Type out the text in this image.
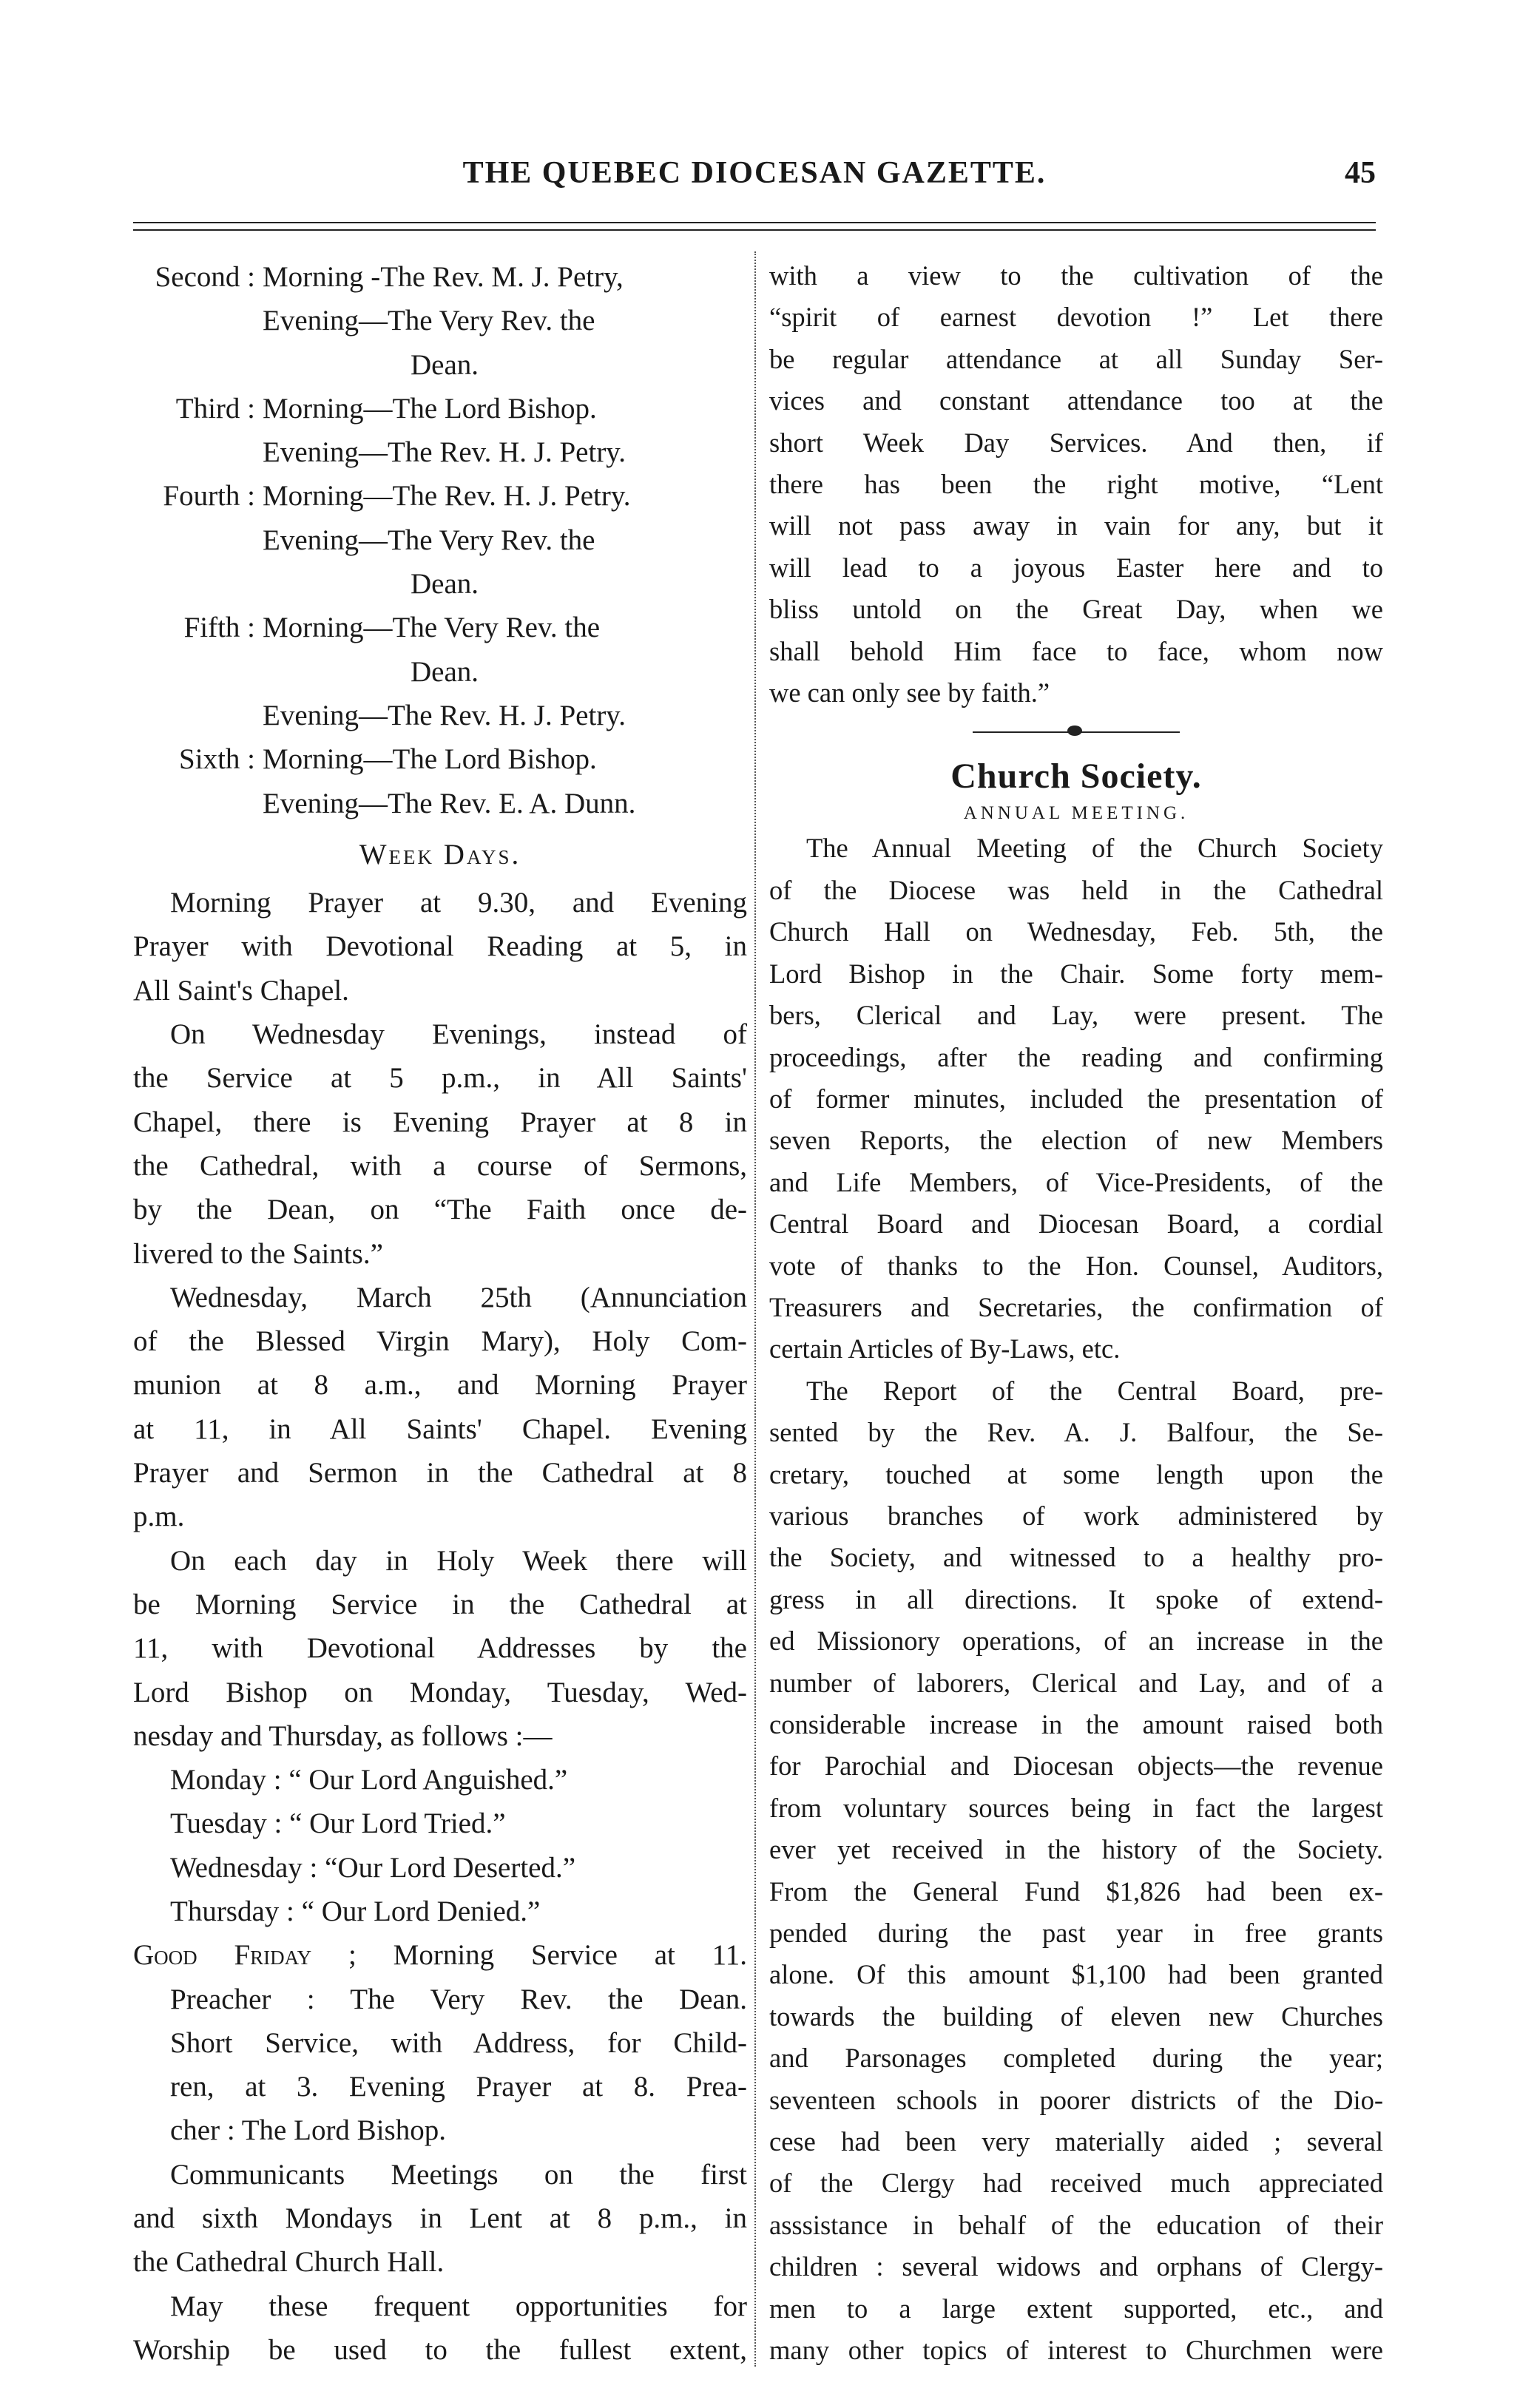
THE QUEBEC DIOCESAN GAZETTE.	45
Second : Morning -The Rev. M. J. Petry,
Evening—The Very Rev. the
Dean.
Third : Morning—The Lord Bishop.
Evening—The Rev. H. J. Petry.
Fourth : Morning—The Rev. H. J. Petry.
Evening—The Very Rev. the
Dean.
Fifth : Morning—The Very Rev. the
Dean.
Evening—The Rev. H. J. Petry.
Sixth : Morning—The Lord Bishop.
Evening—The Rev. E. A. Dunn.
Week Days.
Morning Prayer at 9.30, and Evening
Prayer with Devotional Reading at 5, in
All Saint's Chapel.
On Wednesday Evenings, instead of
the Service at 5 p.m., in All Saints'
Chapel, there is Evening Prayer at 8 in
the Cathedral, with a course of Sermons,
by the Dean, on “The Faith once de-
livered to the Saints.”
Wednesday, March 25th (Annunciation
of the Blessed Virgin Mary), Holy Com-
munion at 8 a.m., and Morning Prayer
at 11, in All Saints' Chapel. Evening
Prayer and Sermon in the Cathedral at 8
p.m.
On each day in Holy Week there will
be Morning Service in the Cathedral at
11, with Devotional Addresses by the
Lord Bishop on Monday, Tuesday, Wed-
nesday and Thursday, as follows :—
Monday : “ Our Lord Anguished.”
Tuesday : “ Our Lord Tried.”
Wednesday : “Our Lord Deserted.”
Thursday : “ Our Lord Denied.”
Good Friday ; Morning Service at 11.
Preacher : The Very Rev. the Dean.
Short Service, with Address, for Child-
ren, at 3. Evening Prayer at 8. Prea-
cher : The Lord Bishop.
Communicants Meetings on the first
and sixth Mondays in Lent at 8 p.m., in
the Cathedral Church Hall.
May these frequent opportunities for
Worship be used to the fullest extent,
with a view to the cultivation of the
“spirit of earnest devotion !” Let there
be regular attendance at all Sunday Ser-
vices and constant attendance too at the
short Week Day Services. And then, if
there has been the right motive, “Lent
will not pass away in vain for any, but it
will lead to a joyous Easter here and to
bliss untold on the Great Day, when we
shall behold Him face to face, whom now
we can only see by faith.”
Church Society.
ANNUAL MEETING.
The Annual Meeting of the Church Society
of the Diocese was held in the Cathedral
Church Hall on Wednesday, Feb. 5th, the
Lord Bishop in the Chair. Some forty mem-
bers, Clerical and Lay, were present. The
proceedings, after the reading and confirming
of former minutes, included the presentation of
seven Reports, the election of new Members
and Life Members, of Vice-Presidents, of the
Central Board and Diocesan Board, a cordial
vote of thanks to the Hon. Counsel, Auditors,
Treasurers and Secretaries, the confirmation of
certain Articles of By-Laws, etc.
The Report of the Central Board, pre-
sented by the Rev. A. J. Balfour, the Se-
cretary, touched at some length upon the
various branches of work administered by
the Society, and witnessed to a healthy pro-
gress in all directions. It spoke of extend-
ed Missionory operations, of an increase in the
number of laborers, Clerical and Lay, and of a
considerable increase in the amount raised both
for Parochial and Diocesan objects—the revenue
from voluntary sources being in fact the largest
ever yet received in the history of the Society.
From the General Fund $1,826 had been ex-
pended during the past year in free grants
alone. Of this amount $1,100 had been granted
towards the building of eleven new Churches
and Parsonages completed during the year;
seventeen schools in poorer districts of the Dio-
cese had been very materially aided ; several
of the Clergy had received much appreciated
asssistance in behalf of the education of their
children : several widows and orphans of Clergy-
men to a large extent supported, etc., and
many other topics of interest to Churchmen were
